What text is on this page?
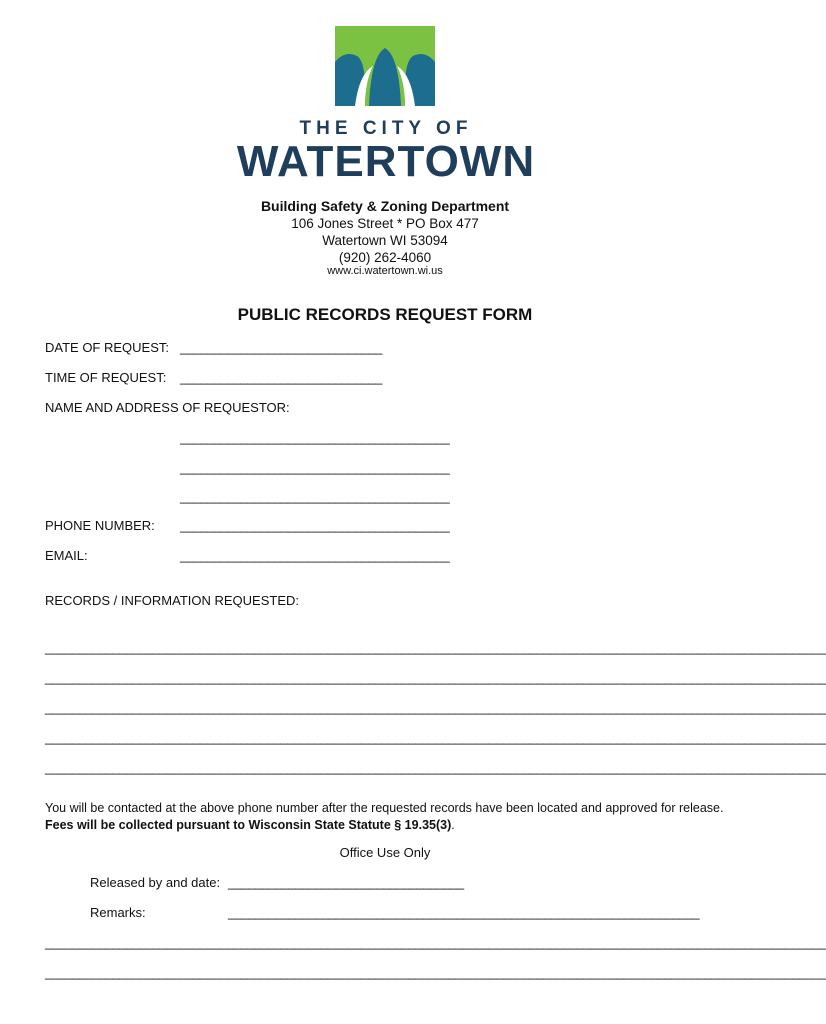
THE CITY OF
WATERTOWN
Building Safety & Zoning Department
106 Jones Street * PO Box 477
Watertown WI 53094
(920) 262-4060
www.ci.watertown.wi.us
PUBLIC RECORDS REQUEST FORM
DATE OF REQUEST: ______________________________
TIME OF REQUEST: ______________________________
NAME AND ADDRESS OF REQUESTOR:
________________________________________
________________________________________
________________________________________
PHONE NUMBER: ________________________________________
EMAIL:	________________________________________
RECORDS / INFORMATION REQUESTED:
____________________________________________________________________________________________________________________
____________________________________________________________________________________________________________________
____________________________________________________________________________________________________________________
____________________________________________________________________________________________________________________
____________________________________________________________________________________________________________________
You will be contacted at the above phone number after the requested records have been located and approved for release. Fees will be collected pursuant to Wisconsin State Statute § 19.35(3).
Office Use Only
Released by and date: ___________________________________
Remarks:	______________________________________________________________________
____________________________________________________________________________________________________________________
____________________________________________________________________________________________________________________
